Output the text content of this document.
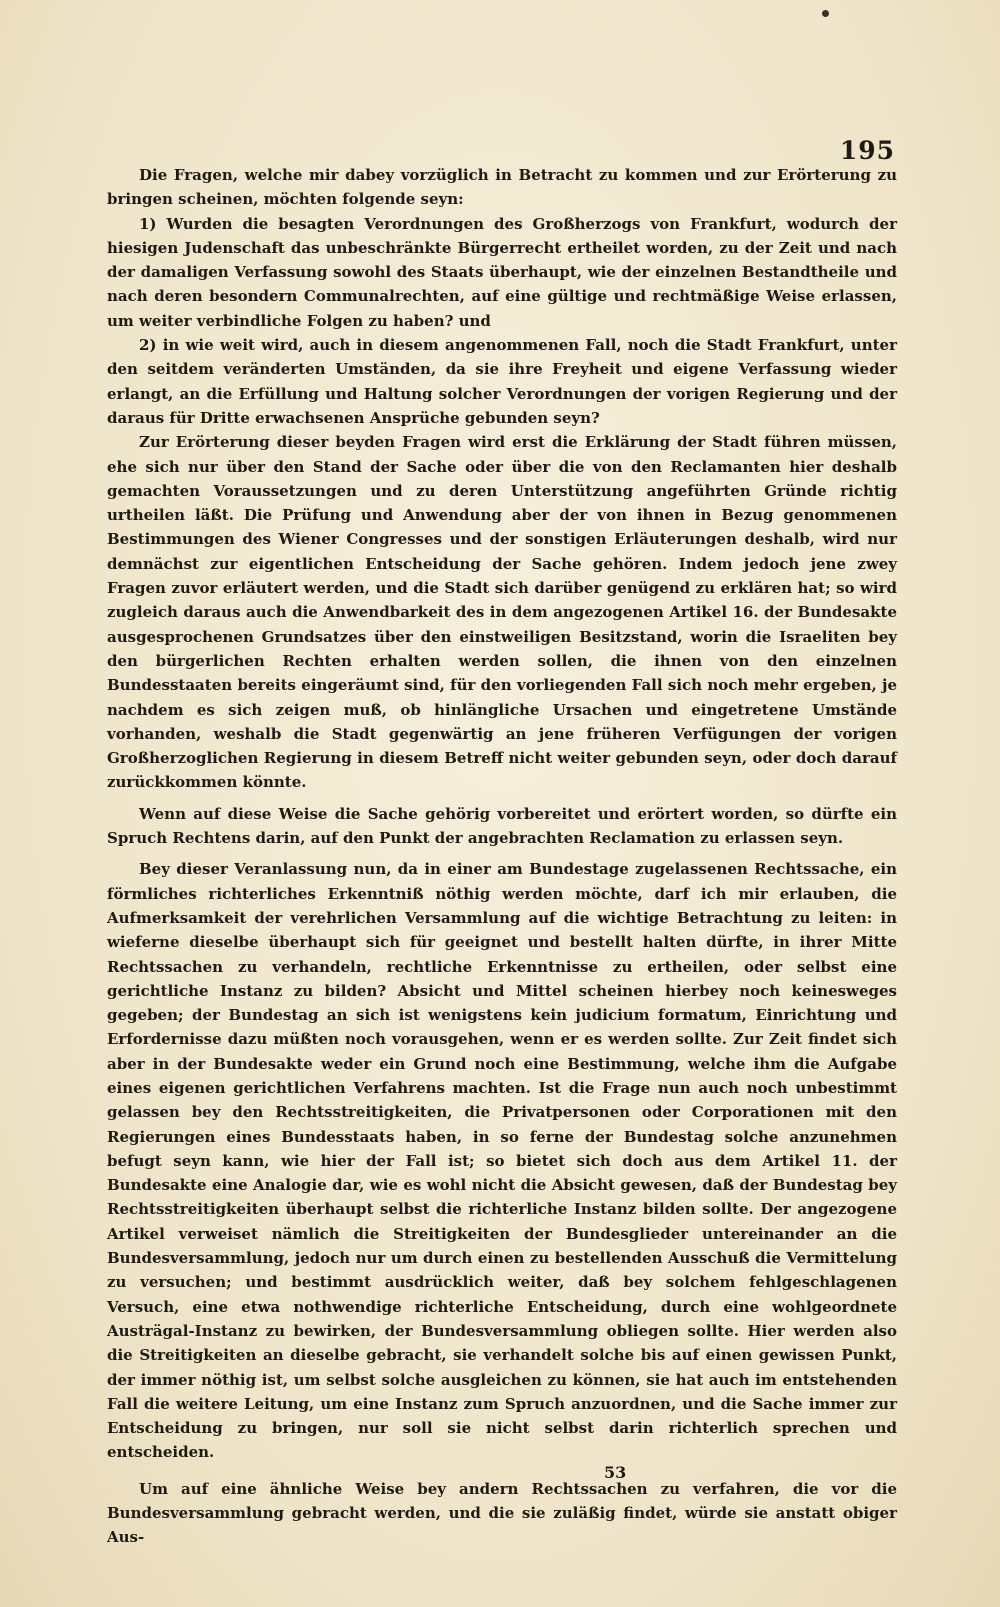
195

Die Fragen, welche mir dabey vorzüglich in Betracht zu kommen und zur Erörterung zu bringen scheinen, möchten folgende seyn:

1) Wurden die besagten Verordnungen des Großherzogs von Frankfurt, wodurch der hiesigen Judenschaft das unbeschränkte Bürgerrecht ertheilet worden, zu der Zeit und nach der damaligen Verfassung sowohl des Staats überhaupt, wie der einzelnen Bestandtheile und nach deren besondern Communalrechten, auf eine gültige und rechtmäßige Weise erlassen, um weiter verbindliche Folgen zu haben? und

2) in wie weit wird, auch in diesem angenommenen Fall, noch die Stadt Frankfurt, unter den seitdem veränderten Umständen, da sie ihre Freyheit und eigene Verfassung wieder erlangt, an die Erfüllung und Haltung solcher Verordnungen der vorigen Regierung und der daraus für Dritte erwachsenen Ansprüche gebunden seyn?

Zur Erörterung dieser beyden Fragen wird erst die Erklärung der Stadt führen müssen, ehe sich nur über den Stand der Sache oder über die von den Reclamanten hier deshalb gemachten Voraussetzungen und zu deren Unterstützung angeführten Gründe richtig urtheilen läßt. Die Prüfung und Anwendung aber der von ihnen in Bezug genommenen Bestimmungen des Wiener Congresses und der sonstigen Erläuterungen deshalb, wird nur demnächst zur eigentlichen Entscheidung der Sache gehören. Indem jedoch jene zwey Fragen zuvor erläutert werden, und die Stadt sich darüber genügend zu erklären hat; so wird zugleich daraus auch die Anwendbarkeit des in dem angezogenen Artikel 16. der Bundesakte ausgesprochenen Grundsatzes über den einstweiligen Besitzstand, worin die Israeliten bey den bürgerlichen Rechten erhalten werden sollen, die ihnen von den einzelnen Bundesstaaten bereits eingeräumt sind, für den vorliegenden Fall sich noch mehr ergeben, je nachdem es sich zeigen muß, ob hinlängliche Ursachen und eingetretene Umstände vorhanden, weshalb die Stadt gegenwärtig an jene früheren Verfügungen der vorigen Großherzoglichen Regierung in diesem Betreff nicht weiter gebunden seyn, oder doch darauf zurückkommen könnte.

Wenn auf diese Weise die Sache gehörig vorbereitet und erörtert worden, so dürfte ein Spruch Rechtens darin, auf den Punkt der angebrachten Reclamation zu erlassen seyn.

Bey dieser Veranlassung nun, da in einer am Bundestage zugelassenen Rechtssache, ein förmliches richterliches Erkenntniß nöthig werden möchte, darf ich mir erlauben, die Aufmerksamkeit der verehrlichen Versammlung auf die wichtige Betrachtung zu leiten: in wieferne dieselbe überhaupt sich für geeignet und bestellt halten dürfte, in ihrer Mitte Rechtssachen zu verhandeln, rechtliche Erkenntnisse zu ertheilen, oder selbst eine gerichtliche Instanz zu bilden? Absicht und Mittel scheinen hierbey noch keinesweges gegeben; der Bundestag an sich ist wenigstens kein judicium formatum, Einrichtung und Erfordernisse dazu müßten noch vorausgehen, wenn er es werden sollte. Zur Zeit findet sich aber in der Bundesakte weder ein Grund noch eine Bestimmung, welche ihm die Aufgabe eines eigenen gerichtlichen Verfahrens machten. Ist die Frage nun auch noch unbestimmt gelassen bey den Rechtsstreitigkeiten, die Privatpersonen oder Corporationen mit den Regierungen eines Bundesstaats haben, in so ferne der Bundestag solche anzunehmen befugt seyn kann, wie hier der Fall ist; so bietet sich doch aus dem Artikel 11. der Bundesakte eine Analogie dar, wie es wohl nicht die Absicht gewesen, daß der Bundestag bey Rechtsstreitigkeiten überhaupt selbst die richterliche Instanz bilden sollte. Der angezogene Artikel verweiset nämlich die Streitigkeiten der Bundesglieder untereinander an die Bundesversammlung, jedoch nur um durch einen zu bestellenden Ausschuß die Vermittelung zu versuchen; und bestimmt ausdrücklich weiter, daß bey solchem fehlgeschlagenen Versuch, eine etwa nothwendige richterliche Entscheidung, durch eine wohlgeordnete Austrägal-Instanz zu bewirken, der Bundesversammlung obliegen sollte. Hier werden also die Streitigkeiten an dieselbe gebracht, sie verhandelt solche bis auf einen gewissen Punkt, der immer nöthig ist, um selbst solche ausgleichen zu können, sie hat auch im entstehenden Fall die weitere Leitung, um eine Instanz zum Spruch anzuordnen, und die Sache immer zur Entscheidung zu bringen, nur soll sie nicht selbst darin richterlich sprechen und entscheiden.

Um auf eine ähnliche Weise bey andern Rechtssachen zu verfahren, die vor die Bundesversammlung gebracht werden, und die sie zuläßig findet, würde sie anstatt obiger Aus-

53
